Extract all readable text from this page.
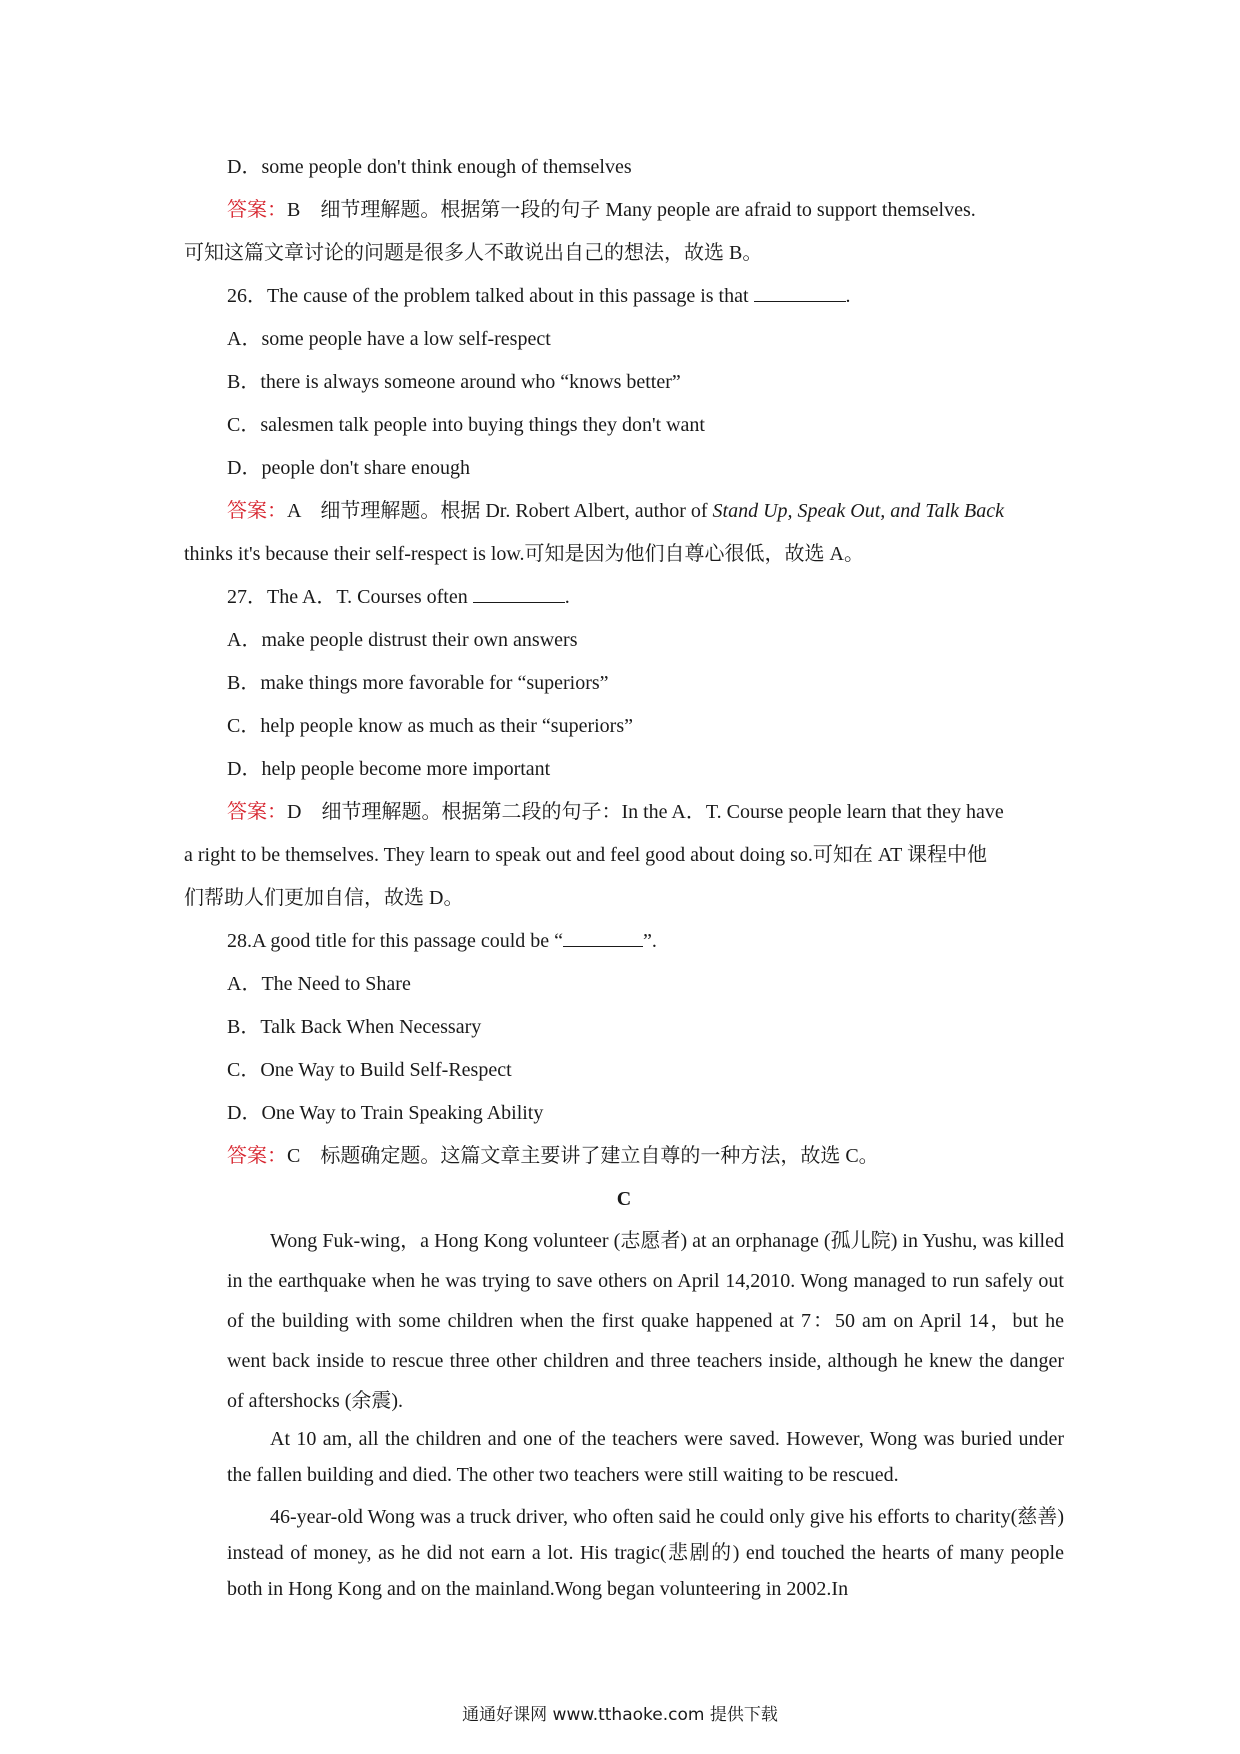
D．some people don't think enough of themselves
答案：B　细节理解题。根据第一段的句子 Many people are afraid to support themselves.
可知这篇文章讨论的问题是很多人不敢说出自己的想法，故选 B。
26．The cause of the problem talked about in this passage is that	.
A．some people have a low self-respect
B．there is always someone around who “knows better”
C．salesmen talk people into buying things they don't want
D．people don't share enough
答案：A　细节理解题。根据 Dr. Robert Albert, author of Stand Up, Speak Out, and Talk Back
thinks it's because their self-respect is low.可知是因为他们自尊心很低，故选 A。
27．The A．T. Courses often	.
A．make people distrust their own answers
B．make things more favorable for “superiors”
C．help people know as much as their “superiors”
D．help people become more important
答案：D　细节理解题。根据第二段的句子：In the A．T. Course people learn that they have
a right to be themselves. They learn to speak out and feel good about doing so.可知在 AT 课程中他
们帮助人们更加自信，故选 D。
28.A good title for this passage could be “	”.
A．The Need to Share
B．Talk Back When Necessary
C．One Way to Build Self-Respect
D．One Way to Train Speaking Ability
答案：C　标题确定题。这篇文章主要讲了建立自尊的一种方法，故选 C。
C
Wong Fuk-wing，a Hong Kong volunteer (志愿者) at an orphanage (孤儿院) in Yushu, was killed in the earthquake when he was trying to save others on April 14,2010. Wong managed to run safely out of the building with some children when the first quake happened at 7：50 am on April 14，but he went back inside to rescue three other children and three teachers inside, although he knew the danger of aftershocks (余震).
At 10 am, all the children and one of the teachers were saved. However, Wong was buried under the fallen building and died. The other two teachers were still waiting to be rescued.
46-year-old Wong was a truck driver, who often said he could only give his efforts to charity(慈善) instead of money, as he did not earn a lot. His tragic(悲剧的) end touched the hearts of many people both in Hong Kong and on the mainland.Wong began volunteering in 2002.In
通通好课网 www.tthaoke.com 提供下载
